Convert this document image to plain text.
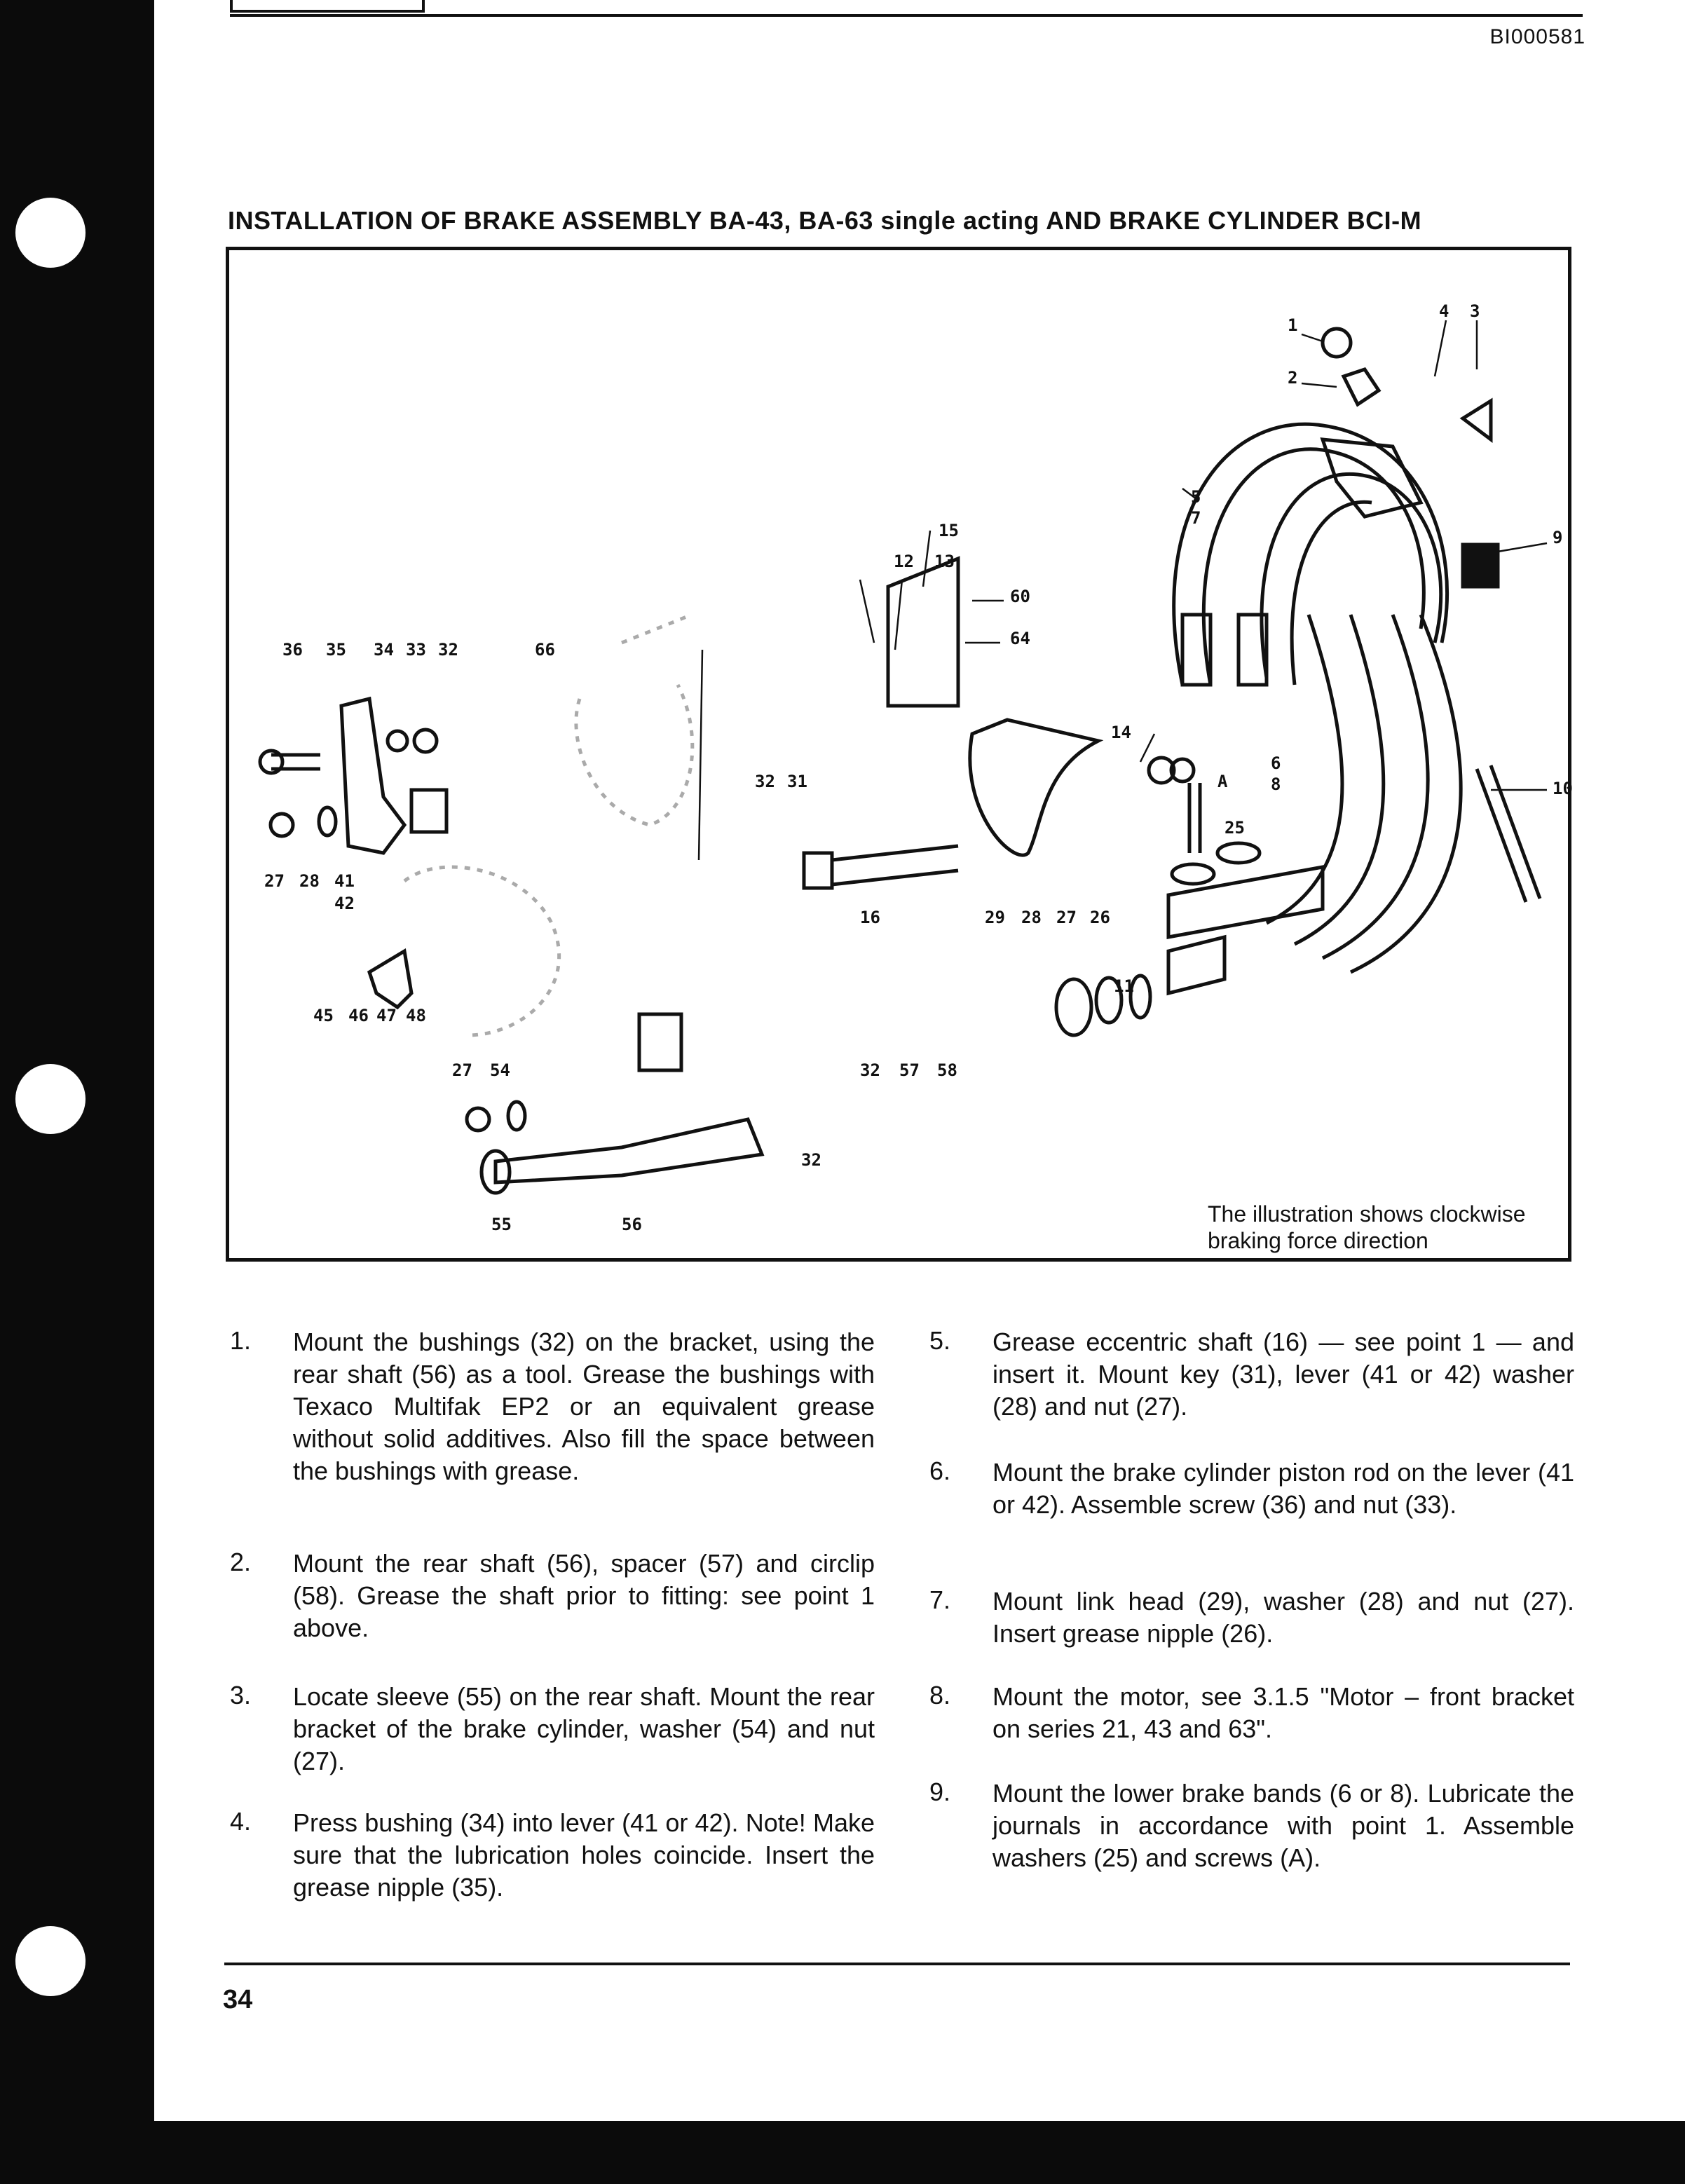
BI000581
INSTALLATION OF BRAKE ASSEMBLY BA-43, BA-63 single acting AND BRAKE CYLINDER BCI-M
1
2
4 3
5
7
15
12 13
60
64
9
36 35 34 33 32	66
14
32 31
6
8
A	10
25
27 28 41
42
16	29 28 27 26
11
45 46 47 48
32 57 58
27 54
32
55	56	The illustration shows clockwise
braking force direction
1. Mount the bushings (32) on the bracket, using the rear shaft (56) as a tool. Grease the bushings with Texaco Multifak EP2 or an equivalent grease without solid additives. Also fill the space between the bushings with grease.
2. Mount the rear shaft (56), spacer (57) and circlip (58). Grease the shaft prior to fitting: see point 1 above.
3. Locate sleeve (55) on the rear shaft. Mount the rear bracket of the brake cylinder, washer (54) and nut (27).
4. Press bushing (34) into lever (41 or 42). Note! Make sure that the lubrication holes coincide. Insert the grease nipple (35).
5. Grease eccentric shaft (16) — see point 1 — and insert it. Mount key (31), lever (41 or 42) washer (28) and nut (27).
6. Mount the brake cylinder piston rod on the lever (41 or 42). Assemble screw (36) and nut (33).
7. Mount link head (29), washer (28) and nut (27). Insert grease nipple (26).
8. Mount the motor, see 3.1.5 "Motor – front bracket on series 21, 43 and 63".
9. Mount the lower brake bands (6 or 8). Lubricate the journals in accordance with point 1. Assemble washers (25) and screws (A).
34
